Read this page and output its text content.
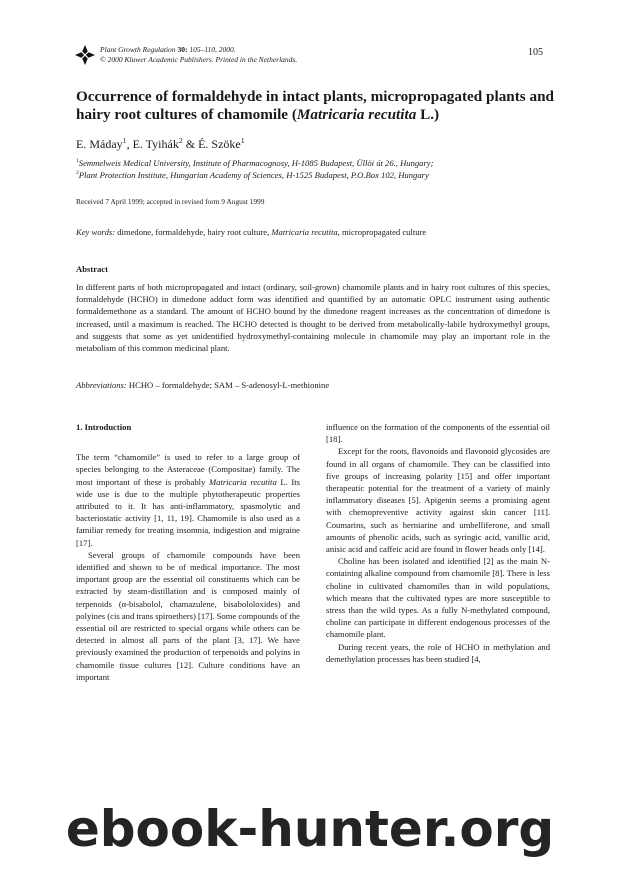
Plant Growth Regulation 30: 105–110, 2000.
© 2000 Kluwer Academic Publishers. Printed in the Netherlands.
105
Occurrence of formaldehyde in intact plants, micropropagated plants and hairy root cultures of chamomile (Matricaria recutita L.)
E. Máday$^1$, E. Tyihák$^2$ & É. Szöke$^1$
$^1$Semmelweis Medical University, Institute of Pharmacognosy, H-1085 Budapest, Üllöi út 26., Hungary;
$^2$Plant Protection Institute, Hungarian Academy of Sciences, H-1525 Budapest, P.O.Box 102, Hungary
Received 7 April 1999; accepted in revised form 9 August 1999
Key words: dimedone, formaldehyde, hairy root culture, Matricaria recutita, micropropagated culture
Abstract
In different parts of both micropropagated and intact (ordinary, soil-grown) chamomile plants and in hairy root cultures of this species, formaldehyde (HCHO) in dimedone adduct form was identified and quantified by an automatic OPLC instrument using authentic formaldemethone as a standard. The amount of HCHO bound by the dimedone reagent increases as the concentration of dimedone is increased, until a maximum is reached. The HCHO detected is thought to be derived from metabolically-labile hydroxymethyl groups, and suggests that some as yet unidentified hydroxymethyl-containing molecule in chamomile may play an important role in the metabolism of this common medicinal plant.
Abbreviations: HCHO – formaldehyde; SAM – S-adenosyl-L-methionine

1. Introduction

The term “chamomile” is used to refer to a large group of species belonging to the Asteraceae (Compositae) family. The most important of these is probably Matricaria recutita L. Its wide use is due to the multiple phytotherapeutic properties attributed to it. It has anti-inflammatory, spasmolytic and bacteriostatic activity [1, 11, 19]. Chamomile is also used as a familiar remedy for treating insomnia, indigestion and migraine [17].

Several groups of chamomile compounds have been identified and shown to be of medical importance. The most important group are the essential oil constituents which can be extracted by steam-distillation and is composed mainly of terpenoids (α-bisabolol, chamazulene, bisabololoxides) and polyines (cis and trans spiroethers) [17]. Some compounds of the essential oil are restricted to special organs while others can be detected in almost all parts of the plant [3, 17]. We have previously examined the production of terpenoids and polyins in chamomile tissue cultures [12]. Culture conditions have an important

influence on the formation of the components of the essential oil [18].

Except for the roots, flavonoids and flavonoid glycosides are found in all organs of chamomile. They can be classified into five groups of increasing polarity [15] and offer important therapeutic potential for the treatment of a variety of mainly inflammatory diseases [5]. Apigenin seems a promising agent with chemopreventive activity against skin cancer [11]. Coumarins, such as herniarine and umbelliferone, and small amounts of phenolic acids, such as syringic acid, vanillic acid, anisic acid and caffeic acid are found in flower heads only [14].

Choline has been isolated and identified [2] as the main N-containing alkaline compound from chamomile [8]. There is less choline in cultivated chamomiles than in wild populations, which means that the cultivated types are more susceptible to stress than the wild types. As a fully N-methylated compound, choline can participate in different endogenous processes of the chamomile plant.

During recent years, the role of HCHO in methylation and demethylation processes has been studied [4,

ebook-hunter.org
